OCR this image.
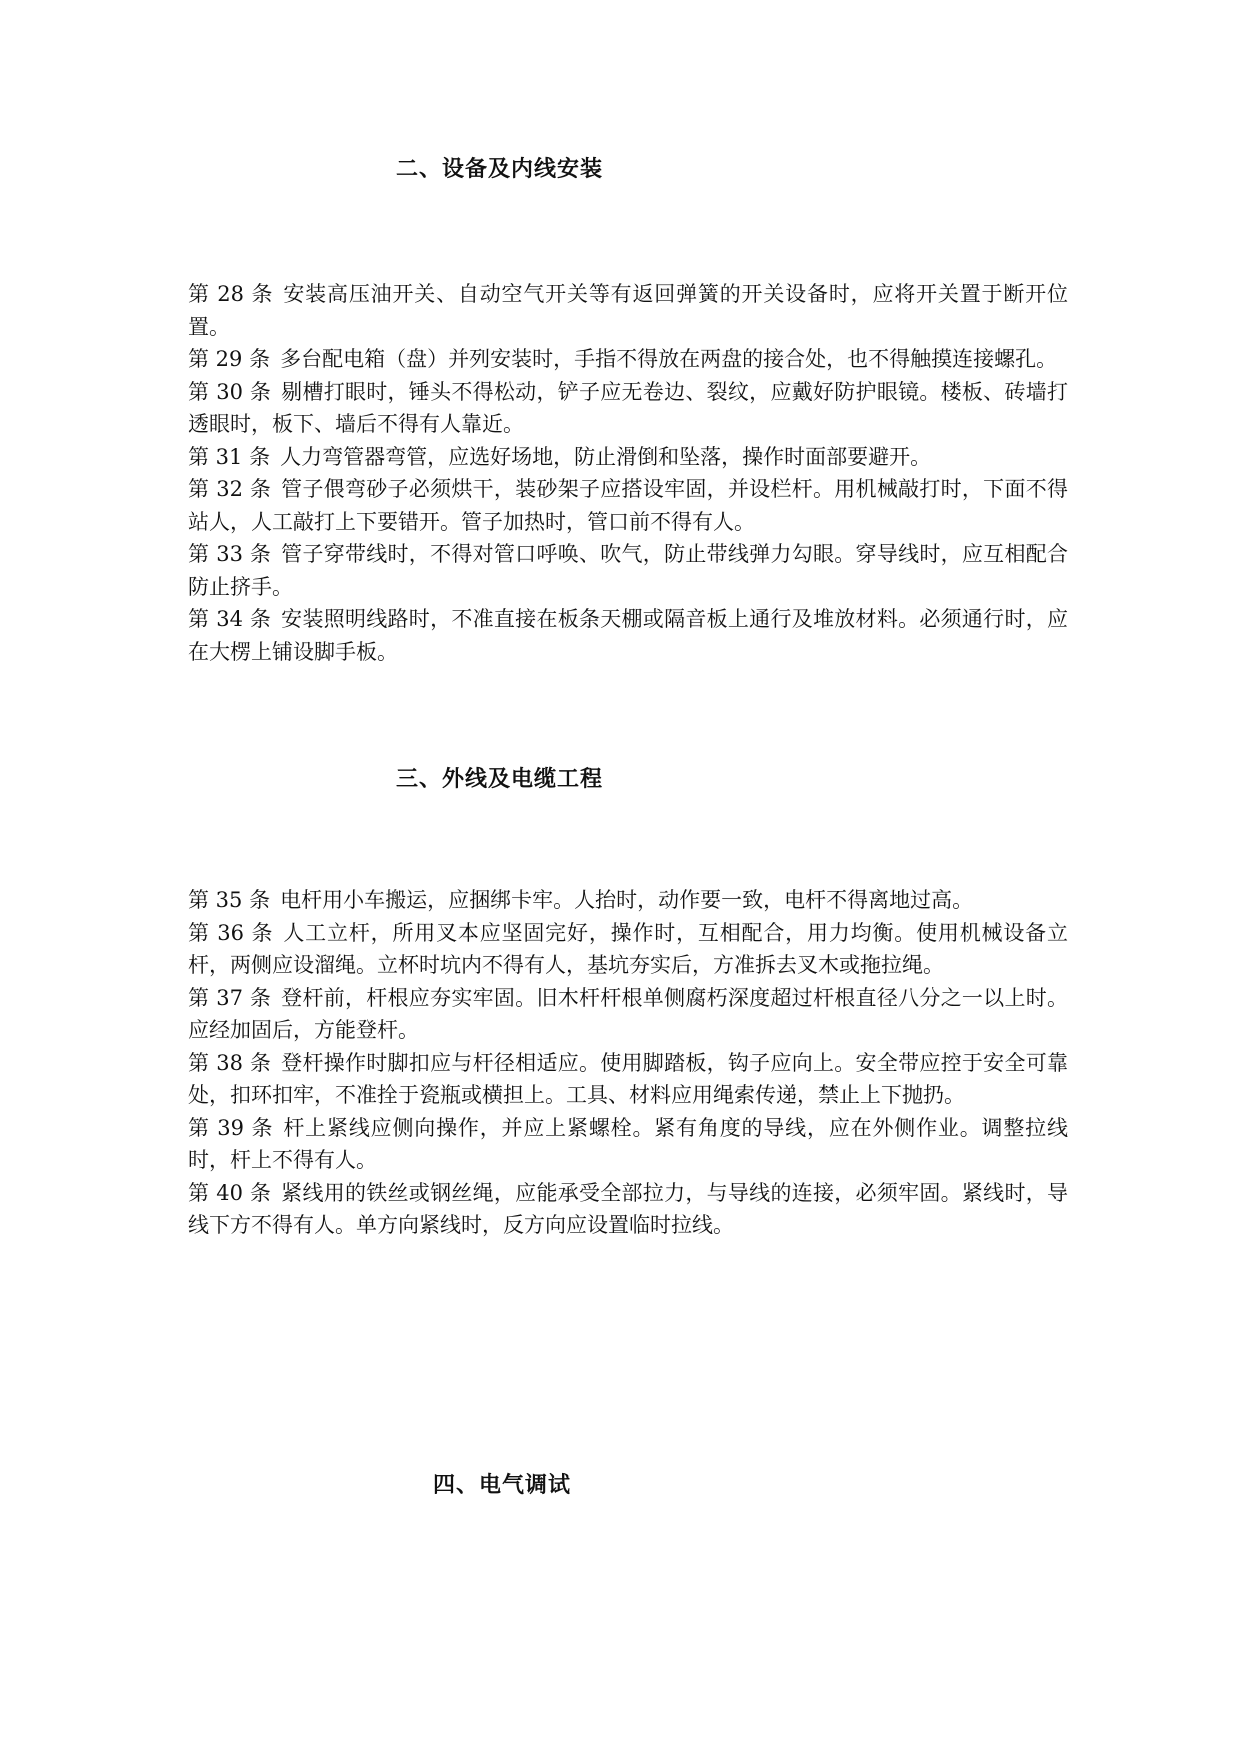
二、设备及内线安装

第 28 条 安装高压油开关、自动空气开关等有返回弹簧的开关设备时，应将开关置于断开位置。

第 29 条 多台配电箱（盘）并列安装时，手指不得放在两盘的接合处，也不得触摸连接螺孔。

第 30 条 剔槽打眼时，锤头不得松动，铲子应无卷边、裂纹，应戴好防护眼镜。楼板、砖墙打透眼时，板下、墙后不得有人靠近。

第 31 条 人力弯管器弯管，应选好场地，防止滑倒和坠落，操作时面部要避开。

第 32 条 管子偎弯砂子必须烘干，装砂架子应搭设牢固，并设栏杆。用机械敲打时，下面不得站人，人工敲打上下要错开。管子加热时，管口前不得有人。

第 33 条 管子穿带线时，不得对管口呼唤、吹气，防止带线弹力勾眼。穿导线时，应互相配合防止挤手。

第 34 条 安装照明线路时，不准直接在板条天棚或隔音板上通行及堆放材料。必须通行时，应在大楞上铺设脚手板。

三、外线及电缆工程

第 35 条 电杆用小车搬运，应捆绑卡牢。人抬时，动作要一致，电杆不得离地过高。

第 36 条 人工立杆，所用叉本应坚固完好，操作时，互相配合，用力均衡。使用机械设备立杆，两侧应设溜绳。立杯时坑内不得有人，基坑夯实后，方准拆去叉木或拖拉绳。

第 37 条 登杆前，杆根应夯实牢固。旧木杆杆根单侧腐朽深度超过杆根直径八分之一以上时。应经加固后，方能登杆。

第 38 条 登杆操作时脚扣应与杆径相适应。使用脚踏板，钩子应向上。安全带应控于安全可靠处，扣环扣牢，不准拴于瓷瓶或横担上。工具、材料应用绳索传递，禁止上下抛扔。

第 39 条 杆上紧线应侧向操作，并应上紧螺栓。紧有角度的导线，应在外侧作业。调整拉线时，杆上不得有人。

第 40 条 紧线用的铁丝或钢丝绳，应能承受全部拉力，与导线的连接，必须牢固。紧线时，导线下方不得有人。单方向紧线时，反方向应设置临时拉线。

四、电气调试
